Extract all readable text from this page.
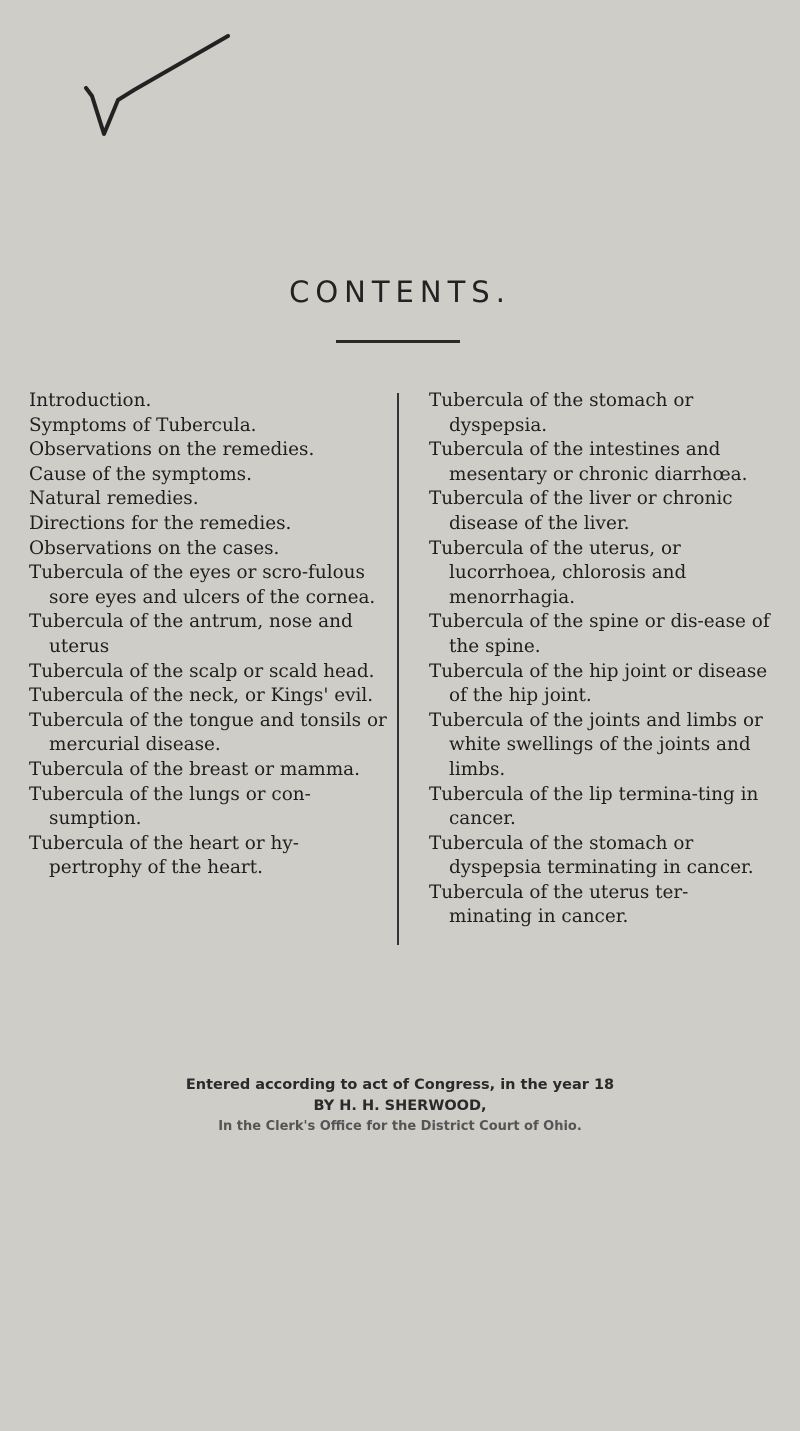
CONTENTS.
Introduction.
Symptoms of Tubercula.
Observations on the remedies.
Cause of the symptoms.
Natural remedies.
Directions for the remedies.
Observations on the cases.
Tubercula of the eyes or scro-fulous sore eyes and ulcers of the cornea.
Tubercula of the antrum, nose and uterus
Tubercula of the scalp or scald head.
Tubercula of the neck, or Kings' evil.
Tubercula of the tongue and tonsils or mercurial disease.
Tubercula of the breast or mamma.
Tubercula of the lungs or con-sumption.
Tubercula of the heart or hy-pertrophy of the heart.
Tubercula of the stomach or dyspepsia.
Tubercula of the intestines and mesentary or chronic diarrhœa.
Tubercula of the liver or chronic disease of the liver.
Tubercula of the uterus, or lucorrhoea, chlorosis and menorrhagia.
Tubercula of the spine or dis-ease of the spine.
Tubercula of the hip joint or disease of the hip joint.
Tubercula of the joints and limbs or white swellings of the joints and limbs.
Tubercula of the lip termina-ting in cancer.
Tubercula of the stomach or dyspepsia terminating in cancer.
Tubercula of the uterus ter-minating in cancer.
Entered according to act of Congress, in the year 18
BY H. H. SHERWOOD,
In the Clerk's Office for the District Court of Ohio.
